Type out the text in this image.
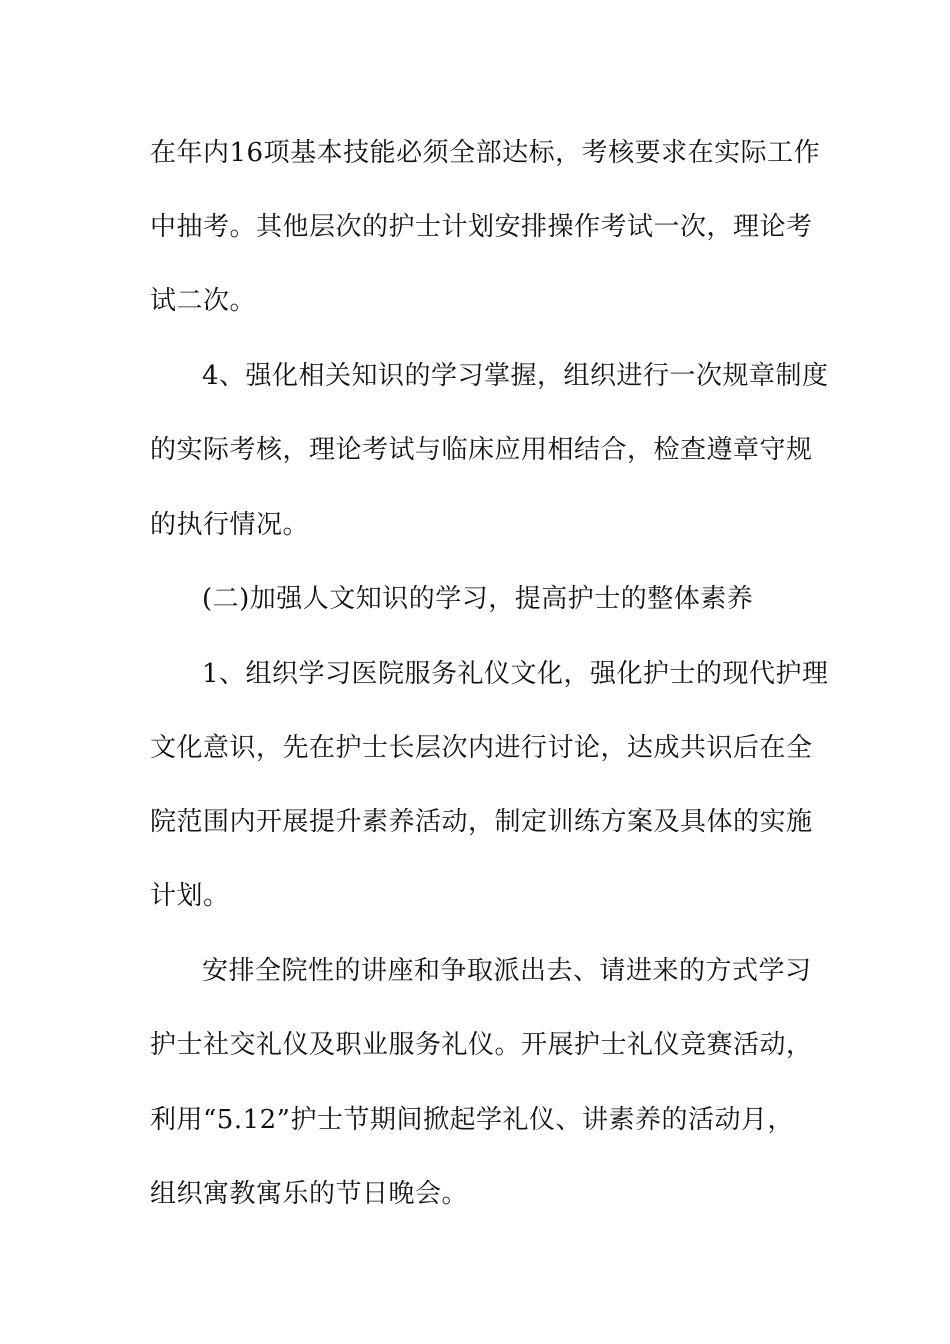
在年内16项基本技能必须全部达标，考核要求在实际工作
中抽考。其他层次的护士计划安排操作考试一次，理论考
试二次。
4、强化相关知识的学习掌握，组织进行一次规章制度
的实际考核，理论考试与临床应用相结合，检查遵章守规
的执行情况。
(二)加强人文知识的学习，提高护士的整体素养
1、组织学习医院服务礼仪文化，强化护士的现代护理
文化意识，先在护士长层次内进行讨论，达成共识后在全
院范围内开展提升素养活动，制定训练方案及具体的实施
计划。
安排全院性的讲座和争取派出去、请进来的方式学习
护士社交礼仪及职业服务礼仪。开展护士礼仪竞赛活动，
利用“5.12”护士节期间掀起学礼仪、讲素养的活动月，
组织寓教寓乐的节日晚会。
